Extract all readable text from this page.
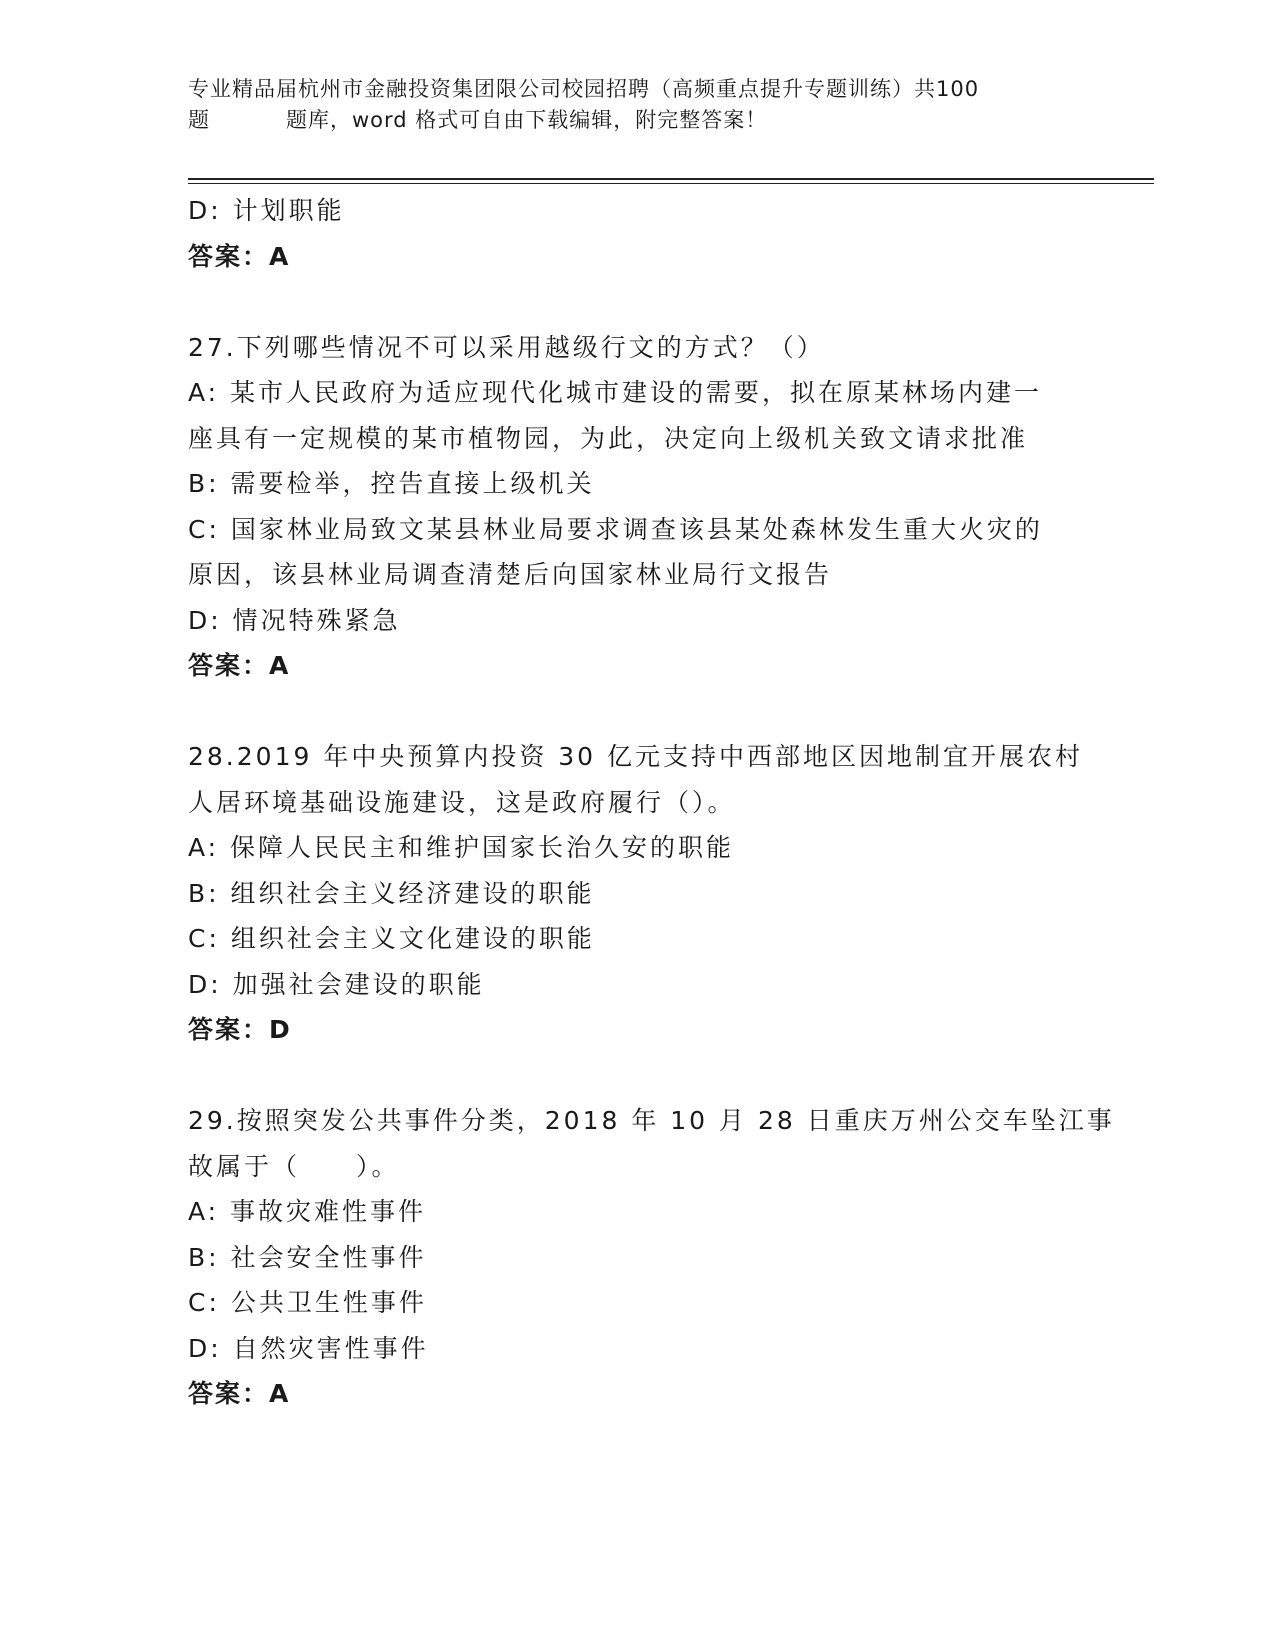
专业精品届杭州市金融投资集团限公司校园招聘（高频重点提升专题训练）共100
题	题库，word 格式可自由下载编辑，附完整答案！
D: 计划职能
答案：A
27.下列哪些情况不可以采用越级行文的方式？（）
A: 某市人民政府为适应现代化城市建设的需要，拟在原某林场内建一
座具有一定规模的某市植物园，为此，决定向上级机关致文请求批准
B: 需要检举，控告直接上级机关
C: 国家林业局致文某县林业局要求调查该县某处森林发生重大火灾的
原因，该县林业局调查清楚后向国家林业局行文报告
D: 情况特殊紧急
答案：A
28.2019 年中央预算内投资 30 亿元支持中西部地区因地制宜开展农村
人居环境基础设施建设，这是政府履行（）。
A: 保障人民民主和维护国家长治久安的职能
B: 组织社会主义经济建设的职能
C: 组织社会主义文化建设的职能
D: 加强社会建设的职能
答案：D
29.按照突发公共事件分类，2018 年 10 月 28 日重庆万州公交车坠江事
故属于（　　）。
A: 事故灾难性事件
B: 社会安全性事件
C: 公共卫生性事件
D: 自然灾害性事件
答案：A
